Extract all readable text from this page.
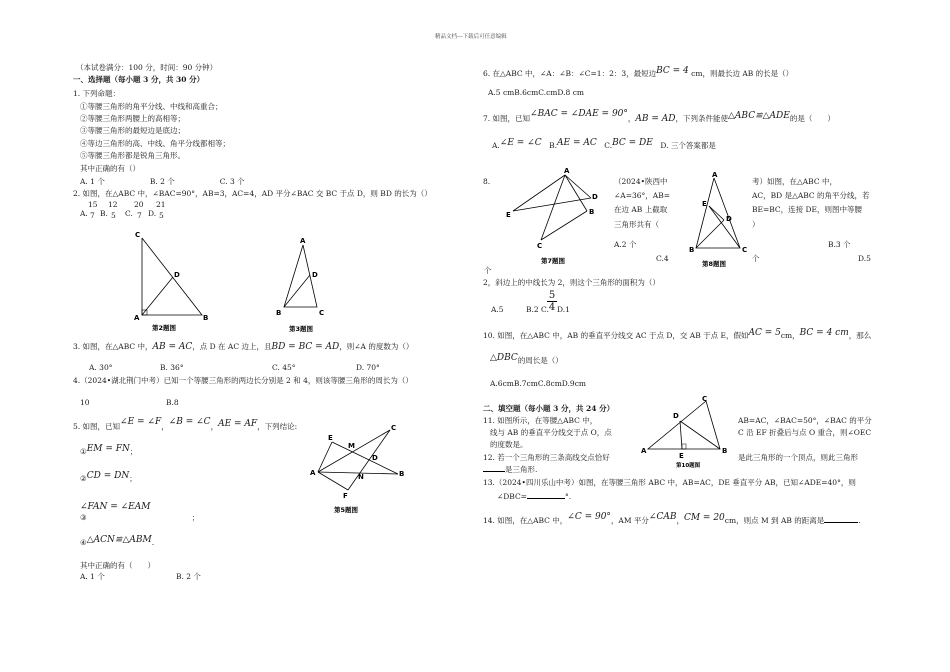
精品文档---下载后可任意编辑
（本试卷满分：100 分，时间：90 分钟）
一、选择题（每小题 3 分，共 30 分）
1. 下列命题：
①等腰三角形的角平分线、中线和高重合；
②等腰三角形两腰上的高相等；
③等腰三角形的最短边是底边；
④等边三角形的高、中线、角平分线都相等；
⑤等腰三角形都是锐角三角形。
其中正确的有（）
A. 1 个　　　　　　B. 2 个　　　　　　C. 3 个
2. 如图，在△ABC 中，∠BAC=90°，AB=3，AC=4，AD 平分∠BAC 交 BC 于点 D，则 BD 的长为（）
A.
15
7 B.
12
5 C.
20
7 D.
21
5
C
D
A	B
第2题图
A
D
B	C
第3题图
3. 如图，在△ABC 中，AB = AC，点 D 在 AC 边上，且BD = BC = AD，则∠A 的度数为（）
A. 30°	B. 36°	C. 45°	D. 70°
4.（2024•湖北荆门中考）已知一个等腰三角形的两边长分别是 2 和 4，则该等腰三角形的周长为（）
10	B.8
5. 如图，已知∠E = ∠F，∠B = ∠C，AE = AF，下列结论:
①EM = FN；
②CD = DN；
∠FAN = ∠EAM
③　　　　　　　　　　　　　　；
④△ACN≌△ABM.
其中正确的有（　　）
A. 1 个	B. 2 个
E
M
C
D
A	B
N
F
第5题图
6. 在△ABC 中，∠A：∠B：∠C=1：2：3，最短边BC = 4 cm，则最长边 AB 的长是（）
A.5 cmB.6cmC.cmD.8 cm
7. 如图，已知∠BAC = ∠DAE = 90°，AB = AD，下列条件能使△ABC≌△ADE的是（　　）
A.∠E = ∠C　 B.AE = AC　 C.BC = DE　 D. 三个答案都是
8.
A
D
B
E
C
第7题图
（2024•陕西中
∠A=36°，AB=
在边 AB 上截取
三角形共有（
A.2 个
C.4
个
A
E
D
B	C
第8题图
考）如图，在△ABC 中，
AC，BD 是△ABC 的角平分线，若
BE=BC，连接 DE，则图中等腰
）
B.3 个
D.5
个
2，斜边上的中线长为 2，则这个三角形的面积为（）
A.5	B.2 C.
5
4 D.1
10. 如图，在△ABC 中，AB 的垂直平分线交 AC 于点 D，交 AB 于点 E，假如AC = 5cm，BC = 4 cm，那么
△DBC的周长是（）
A.6cmB.7cmC.8cmD.9cm
二、填空题（每小题 3 分，共 24 分）
11. 如图所示，在等腰△ABC 中，
线与 AB 的垂直平分线交于点 O，点
的度数是。
C
D
A
E
B
第10题图
AB=AC，∠BAC=50°，∠BAC 的平分
C 沿 EF 折叠后与点 O 重合，则∠OEC
12. 若一个三角形的三条高线交点恰好
是三角形.
是此三角形的一个顶点，则此三角形
13.（2024•四川乐山中考）如图，在等腰三角形 ABC 中，AB=AC，DE 垂直平分 AB，已知∠ADE=40°，则
∠DBC=	°.
14. 如图，在△ABC 中，∠C = 90°，AM 平分∠CAB，CM = 20cm，则点 M 到 AB 的距离是	.
